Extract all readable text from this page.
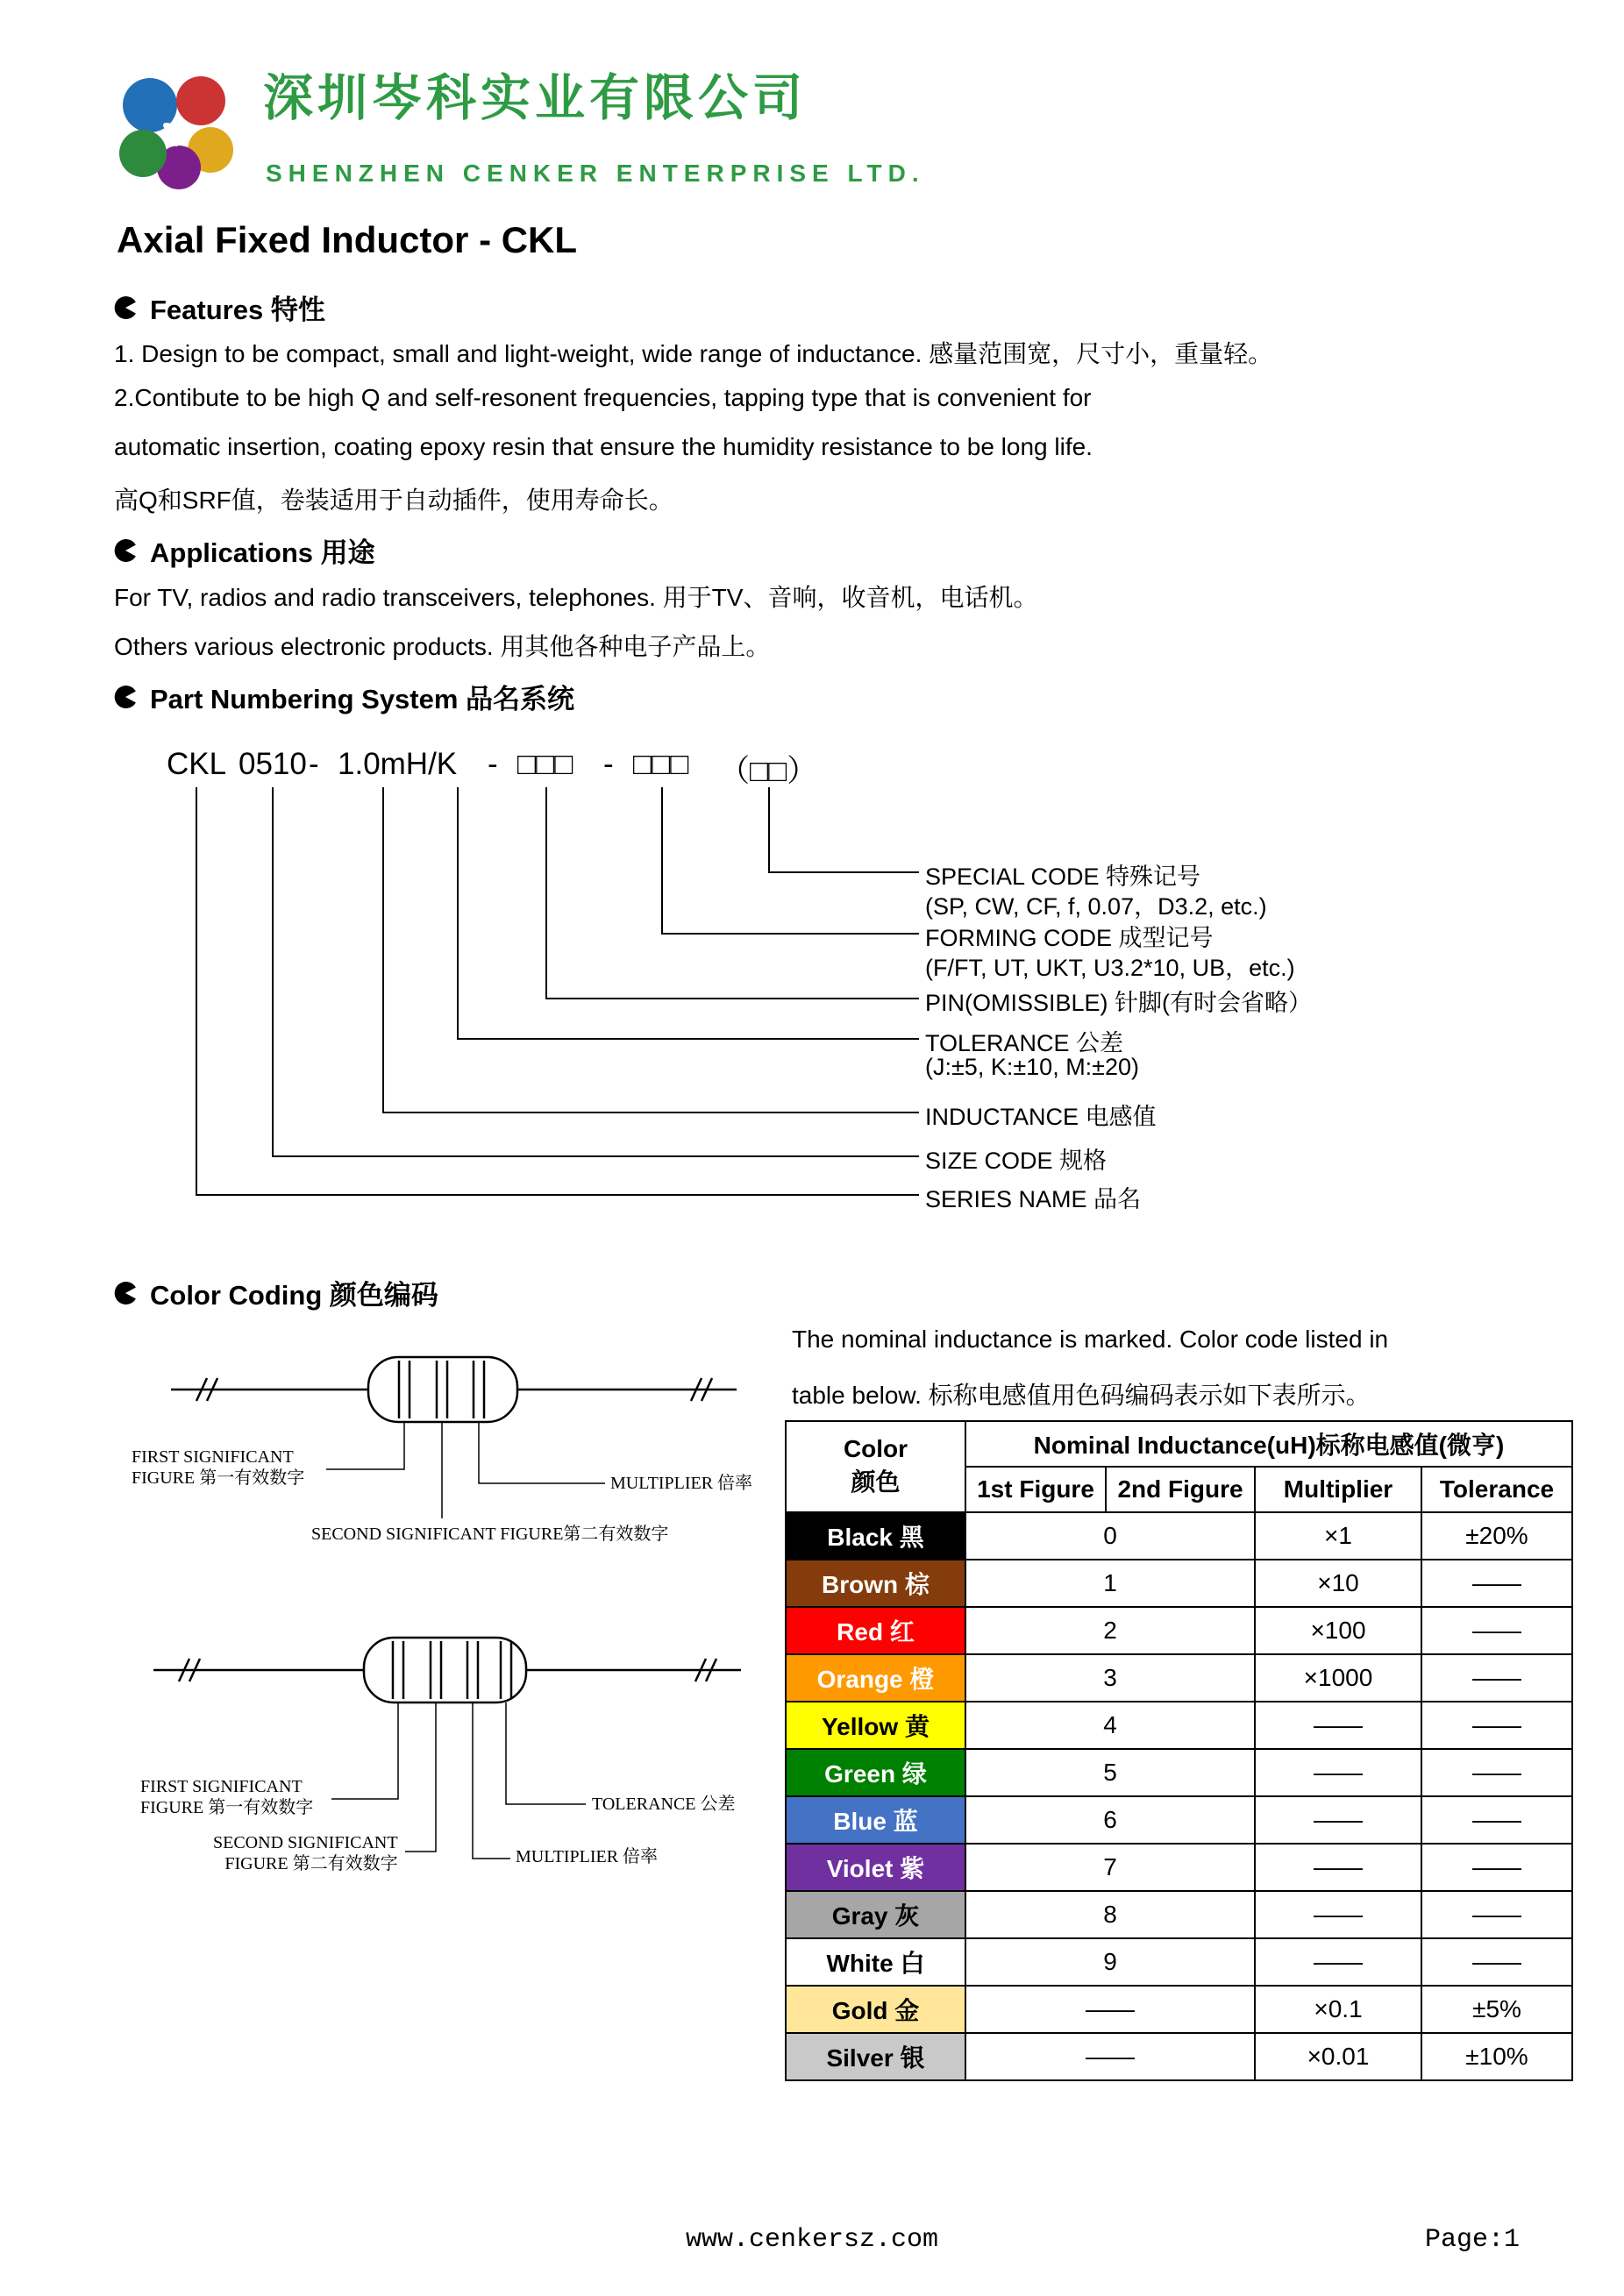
深圳岑科实业有限公司
SHENZHEN CENKER ENTERPRISE LTD.
Axial Fixed Inductor - CKL
Features 特性
1. Design to be compact, small and light-weight, wide range of inductance. 感量范围宽，尺寸小，重量轻。
2.Contibute to be high Q and self-resonent frequencies, tapping type that is convenient for
automatic insertion, coating epoxy resin that ensure the humidity resistance to be long life.
高Q和SRF值，卷装适用于自动插件，使用寿命长。
Applications 用途
For TV, radios and radio transceivers, telephones. 用于TV、音响，收音机，电话机。
Others various electronic products. 用其他各种电子产品上。
Part Numbering System 品名系统
CKL 0510 - 1.0mH/K - □□□ - □□□ （□□）
SPECIAL CODE 特殊记号
(SP, CW, CF, f, 0.07，D3.2, etc.)
FORMING CODE 成型记号
(F/FT, UT, UKT, U3.2*10, UB，etc.)
PIN(OMISSIBLE) 针脚(有时会省略）
TOLERANCE 公差
(J:±5, K:±10, M:±20)
INDUCTANCE 电感值
SIZE CODE 规格
SERIES NAME 品名
Color Coding 颜色编码
The nominal inductance is marked. Color code listed in
table below. 标称电感值用色码编码表示如下表所示。
FIRST SIGNIFICANT
FIGURE 第一有效数字	MULTIPLIER 倍率
SECOND SIGNIFICANT FIGURE第二有效数字
FIRST SIGNIFICANT
FIGURE 第一有效数字	TOLERANCE 公差
SECOND SIGNIFICANT
FIGURE 第二有效数字	MULTIPLIER 倍率
Color
颜色	Nominal Inductance(uH)标称电感值(微亨)			
	1st Figure	2nd Figure	Multiplier	Tolerance
Black 黑	0		×1	±20%
Brown 棕	1		×10	——
Red 红	2		×100	——
Orange 橙	3		×1000	——
Yellow 黄	4		——	——
Green 绿	5		——	——
Blue 蓝	6		——	——
Violet 紫	7		——	——
Gray 灰	8		——	——
White 白	9		——	——
Gold 金	——		×0.1	±5%
Silver 银	——		×0.01	±10%
www.cenkersz.com	Page:1
